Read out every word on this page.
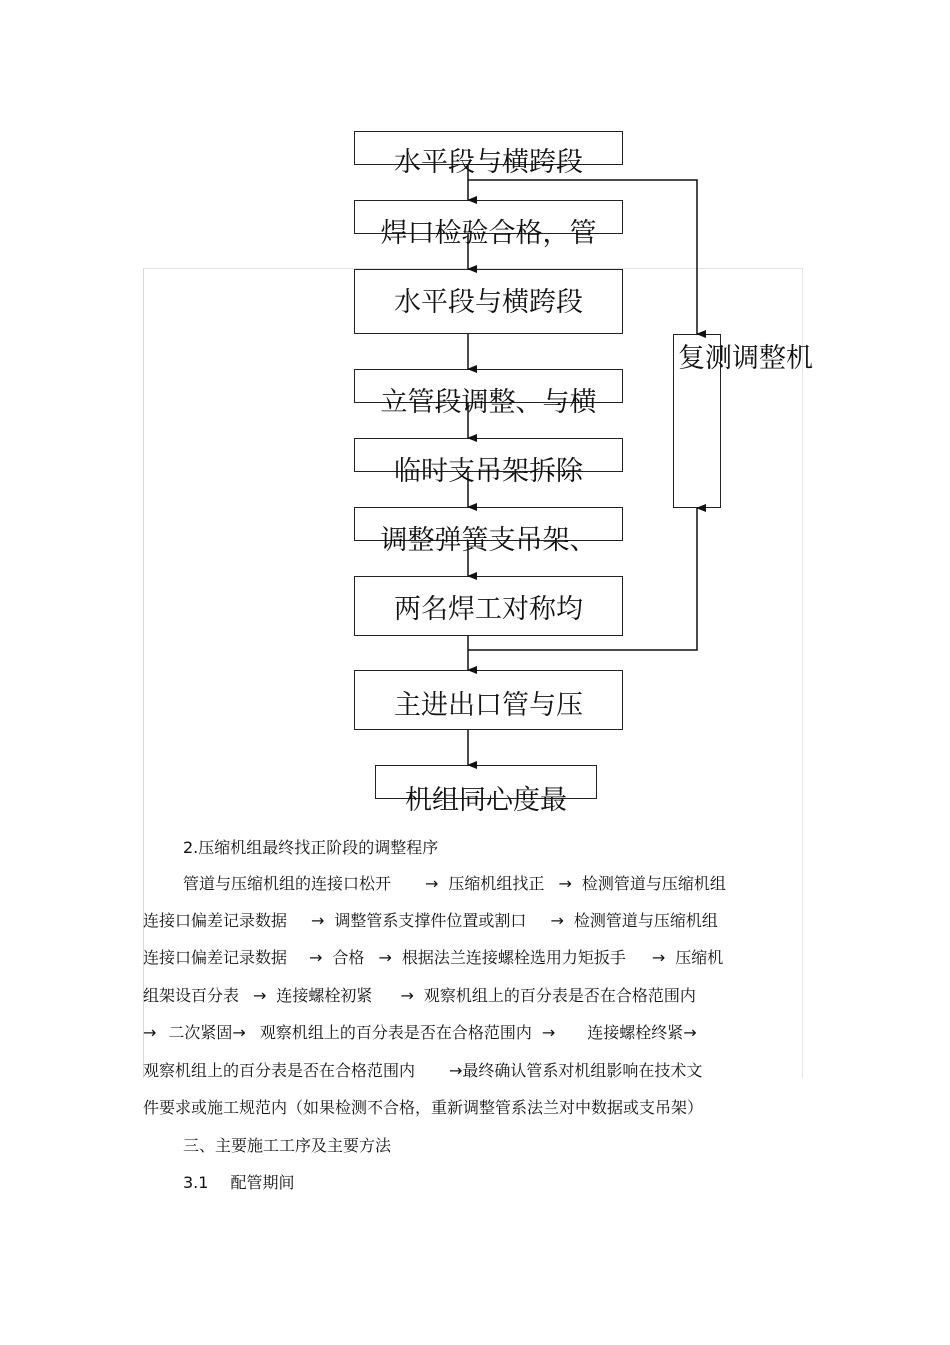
水平段与横跨段
焊口检验合格，管
水平段与横跨段
立管段调整、与横
临时支吊架拆除
调整弹簧支吊架、
两名焊工对称均
主进出口管与压
机组同心度最
复测调整机
2.压缩机组最终找正阶段的调整程序
管道与压缩机组的连接口松开 → 压缩机组找正 → 检测管道与压缩机组
连接口偏差记录数据 → 调整管系支撑件位置或割口 → 检测管道与压缩机组
连接口偏差记录数据 → 合格 → 根据法兰连接螺栓选用力矩扳手 → 压缩机
组架设百分表 → 连接螺栓初紧 → 观察机组上的百分表是否在合格范围内
→ 二次紧固→ 观察机组上的百分表是否在合格范围内 → 连接螺栓终紧→
观察机组上的百分表是否在合格范围内 →最终确认管系对机组影响在技术文
件要求或施工规范内（如果检测不合格，重新调整管系法兰对中数据或支吊架）
三、主要施工工序及主要方法
3.1 配管期间
